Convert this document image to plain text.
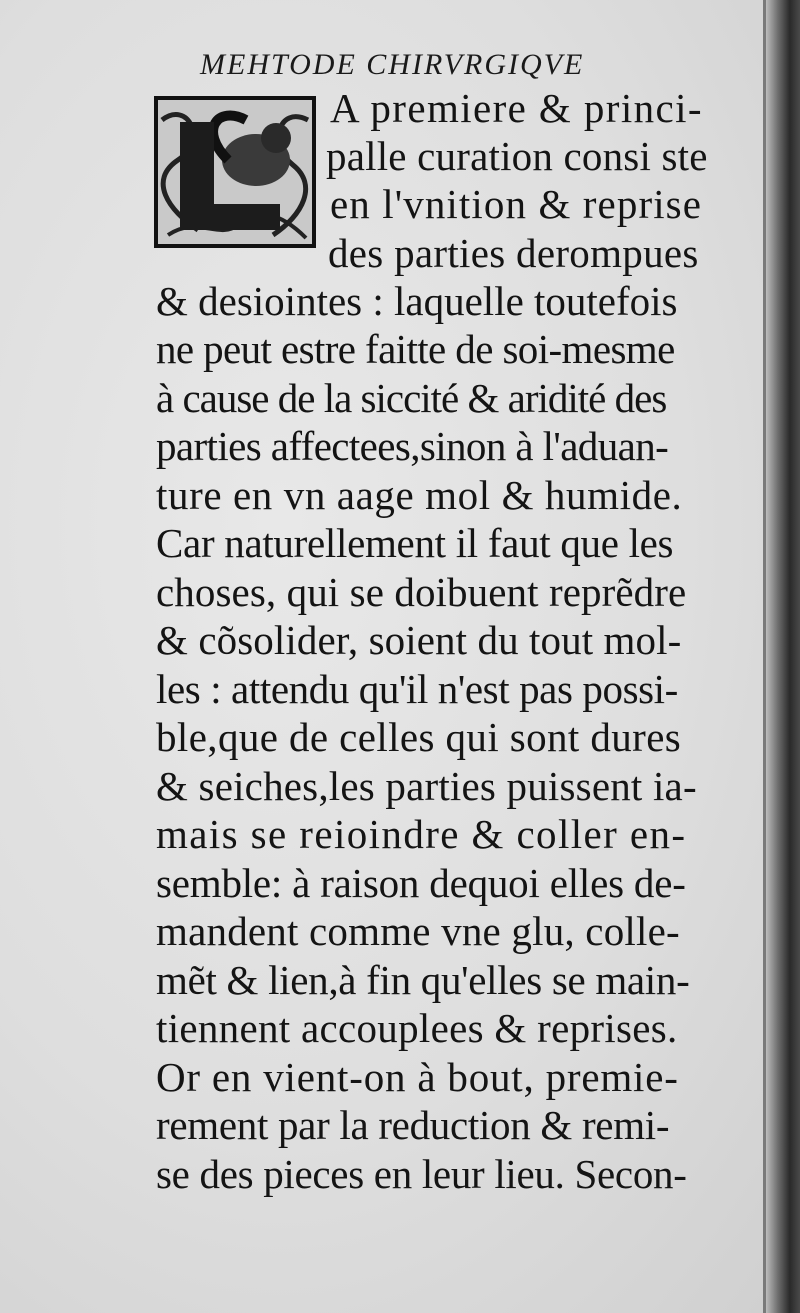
MEHTODE CHIRVRGIQVE
A premiere & princi-
palle curation consi ste
en l'vnition & reprise
des parties derompues
& desiointes : laquelle toutefois
ne peut estre faitte de soi-mesme
à cause de la siccité & aridité des
parties affectees,sinon à l'aduan-
ture en vn aage mol & humide.
Car naturellement il faut que les
choses, qui se doibuent reprẽdre
& cõsolider, soient du tout mol-
les : attendu qu'il n'est pas possi-
ble,que de celles qui sont dures
& seiches,les parties puissent ia-
mais se reioindre & coller en-
semble: à raison dequoi elles de-
mandent comme vne glu, colle-
mẽt & lien,à fin qu'elles se main-
tiennent accouplees & reprises.
Or en vient-on à bout, premie-
rement par la reduction & remi-
se des pieces en leur lieu. Secon-
